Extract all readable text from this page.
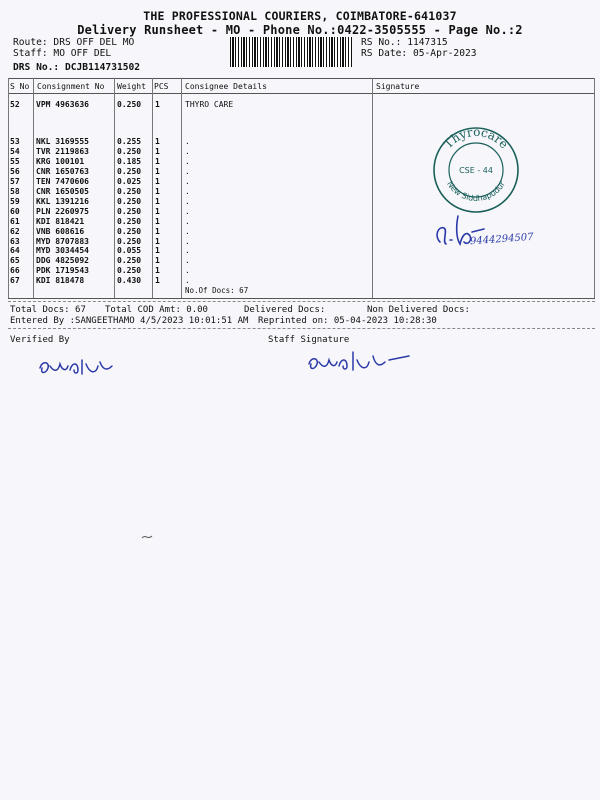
THE PROFESSIONAL COURIERS, COIMBATORE-641037
Delivery Runsheet - MO - Phone No.:0422-3505555 - Page No.:2
Route: DRS OFF DEL MO
Staff: MO OFF DEL
DRS No.: DCJB114731502
RS No.: 1147315
RS Date: 05-Apr-2023
S No Consignment No Weight PCS Consignee Details	Signature
52 VPM 4963636	0.250 1	THYRO CARE
53 NKL 3169555	0.255 1	.
54 TVR 2119863	0.250 1	.
55 KRG 100101	0.185 1	.
56 CNR 1650763	0.250 1	.
57 TEN 7470606	0.025 1	.
58 CNR 1650505	0.250 1	.
59 KKL 1391216	0.250 1	.
60 PLN 2260975	0.250 1	.
61 KDI 818421	0.250 1	.
62 VNB 608616	0.250 1	.
63 MYD 8707883	0.250 1	.
64 MYD 3034454	0.055 1	.
65 DDG 4825092	0.250 1	.
66 PDK 1719543	0.250 1	.
67 KDI 818478	0.430 1	.
No.Of Docs: 67
Thyrocare
New Siddhapudur
CSE - 44
9444294507
Total Docs: 67 Total COD Amt: 0.00	Delivered Docs:	Non Delivered Docs:
Entered By :SANGEETHAMO 4/5/2023 10:01:51 AM Reprinted on: 05-04-2023 10:28:30
Verified By	Staff Signature
